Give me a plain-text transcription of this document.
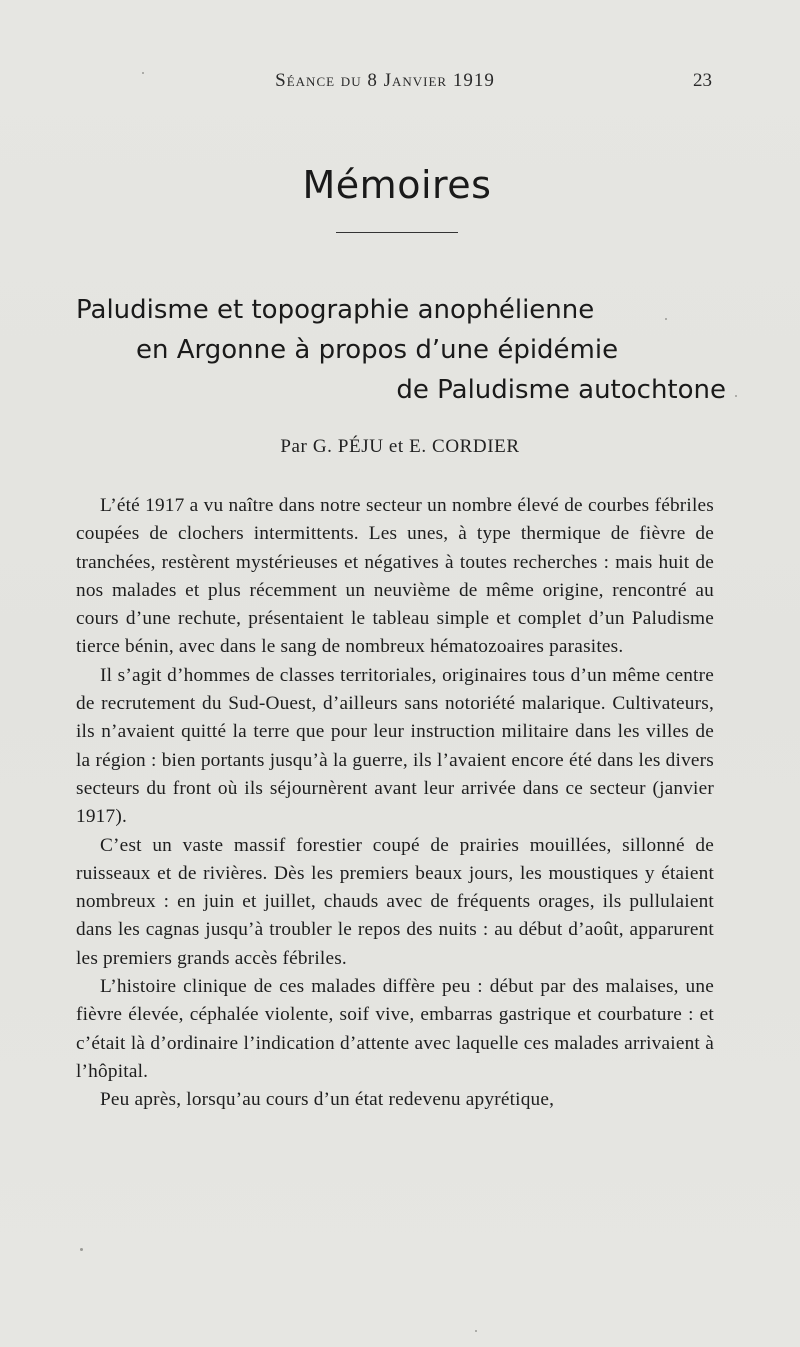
Séance du 8 Janvier 1919	23
Mémoires
Paludisme et topographie anophélienne
en Argonne à propos d’une épidémie
de Paludisme autochtone

Par G. PÉJU et E. CORDIER

L’été 1917 a vu naître dans notre secteur un nombre élevé de courbes fébriles coupées de clochers intermittents. Les unes, à type thermique de fièvre de tranchées, restèrent mystérieuses et négatives à toutes recherches : mais huit de nos malades et plus récemment un neuvième de même origine, rencontré au cours d’une rechute, présentaient le tableau simple et complet d’un Paludisme tierce bénin, avec dans le sang de nombreux hématozoaires parasites.

Il s’agit d’hommes de classes territoriales, originaires tous d’un même centre de recrutement du Sud-Ouest, d’ailleurs sans notoriété malarique. Cultivateurs, ils n’avaient quitté la terre que pour leur instruction militaire dans les villes de la région : bien portants jusqu’à la guerre, ils l’avaient encore été dans les divers secteurs du front où ils séjournèrent avant leur arrivée dans ce secteur (janvier 1917).

C’est un vaste massif forestier coupé de prairies mouillées, sillonné de ruisseaux et de rivières. Dès les premiers beaux jours, les moustiques y étaient nombreux : en juin et juillet, chauds avec de fréquents orages, ils pullulaient dans les cagnas jusqu’à troubler le repos des nuits : au début d’août, apparurent les premiers grands accès fébriles.

L’histoire clinique de ces malades diffère peu : début par des malaises, une fièvre élevée, céphalée violente, soif vive, embarras gastrique et courbature : et c’était là d’ordinaire l’indication d’attente avec laquelle ces malades arrivaient à l’hôpital.

Peu après, lorsqu’au cours d’un état redevenu apyrétique,
